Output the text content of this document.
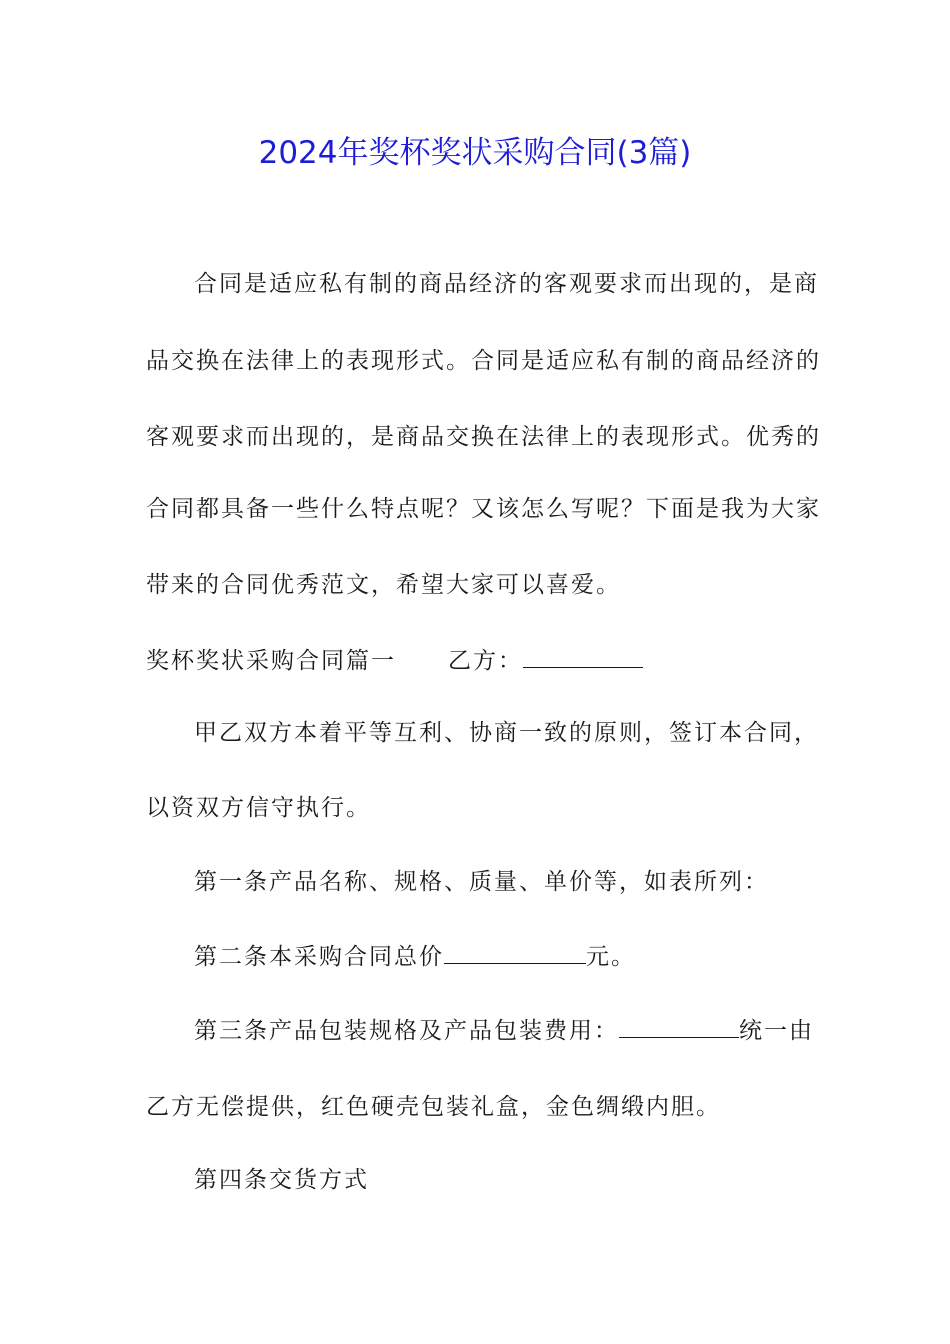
2024年奖杯奖状采购合同(3篇)
合同是适应私有制的商品经济的客观要求而出现的，是商
品交换在法律上的表现形式。合同是适应私有制的商品经济的
客观要求而出现的，是商品交换在法律上的表现形式。优秀的
合同都具备一些什么特点呢？又该怎么写呢？下面是我为大家
带来的合同优秀范文，希望大家可以喜爱。
奖杯奖状采购合同篇一 乙方：
甲乙双方本着平等互利、协商一致的原则，签订本合同，
以资双方信守执行。
第一条产品名称、规格、质量、单价等，如表所列：
第二条本采购合同总价	元。
第三条产品包装规格及产品包装费用：	统一由
乙方无偿提供，红色硬壳包装礼盒，金色绸缎内胆。
第四条交货方式
